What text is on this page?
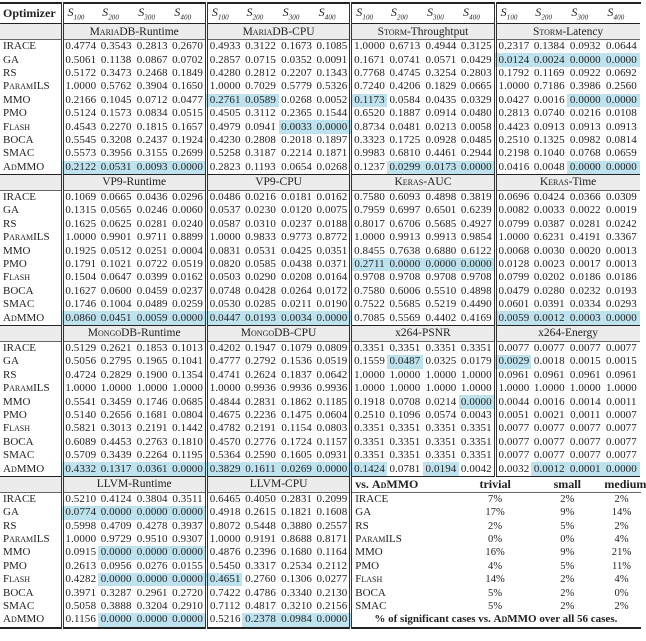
Optimizer	$S_{100}$	$S_{200}$	$S_{300}$	$S_{400}$	$S_{100}$	$S_{200}$	$S_{300}$	$S_{400}$	$S_{100}$	$S_{200}$	$S_{300}$	$S_{400}$	$S_{100}$	$S_{200}$	$S_{300}$	$S_{400}$
	MariaDB-Runtime				MariaDB-CPU				Storm-Throughtput				Storm-Latency				
IRACE	0.4774	0.3543	0.2813	0.2670	0.4933	0.3122	0.1673	0.1085	1.0000	0.6713	0.4944	0.3125	0.2317	0.1384	0.0932	0.0644	
GA	0.5061	0.1138	0.0867	0.0702	0.2857	0.0715	0.0352	0.0091	0.1671	0.0741	0.0571	0.0429	0.0124	0.0024	0.0000	0.0000	
RS	0.5172	0.3473	0.2468	0.1849	0.4280	0.2812	0.2207	0.1343	0.7768	0.4745	0.3254	0.2803	0.1792	0.1169	0.0922	0.0692	
ParamILS	1.0000	0.5762	0.3904	0.1650	1.0000	0.7029	0.5779	0.5326	0.7240	0.4206	0.1829	0.0665	1.0000	0.7186	0.3986	0.2560	
MMO	0.2166	0.1045	0.0712	0.0477	0.2761	0.0589	0.0268	0.0052	0.1173	0.0584	0.0435	0.0329	0.0427	0.0016	0.0000	0.0000	
PMO	0.5124	0.1573	0.0834	0.0515	0.4505	0.3112	0.2365	0.1544	0.6520	0.1887	0.0914	0.0480	0.2813	0.0740	0.0216	0.0108	
Flash	0.4543	0.2270	0.1815	0.1657	0.4979	0.0941	0.0033	0.0000	0.8734	0.0481	0.0213	0.0058	0.4423	0.0913	0.0913	0.0913	
BOCA	0.5545	0.3208	0.2437	0.1924	0.4230	0.2808	0.2018	0.1897	0.3323	0.1725	0.0928	0.0485	0.2510	0.1325	0.0982	0.0814	
SMAC	0.5573	0.3956	0.3155	0.2699	0.5258	0.3187	0.2214	0.1871	0.9983	0.6810	0.4461	0.2944	0.2198	0.1040	0.0768	0.0659	
AdMMO	0.2122	0.0531	0.0093	0.0000	0.2823	0.1193	0.0654	0.0268	0.1237	0.0299	0.0173	0.0000	0.0416	0.0048	0.0000	0.0000	
	VP9-Runtime				VP9-CPU				Keras-AUC				Keras-Time				
IRACE	0.1069	0.0665	0.0436	0.0296	0.0486	0.0216	0.0181	0.0162	0.7580	0.6093	0.4898	0.3819	0.0696	0.0424	0.0366	0.0309	
GA	0.1315	0.0565	0.0246	0.0060	0.0537	0.0230	0.0120	0.0075	0.7959	0.6997	0.6501	0.6239	0.0082	0.0033	0.0022	0.0019	
RS	0.1625	0.0625	0.0281	0.0240	0.0587	0.0310	0.0237	0.0188	0.8017	0.6706	0.5685	0.4927	0.0799	0.0387	0.0281	0.0242	
ParamILS	1.0000	0.9901	0.9711	0.8899	1.0000	0.9833	0.9773	0.8772	1.0000	0.9913	0.9913	0.9854	1.0000	0.6231	0.4191	0.3367	
MMO	0.1925	0.0512	0.0251	0.0004	0.0831	0.0531	0.0425	0.0351	0.8455	0.7638	0.6880	0.6122	0.0068	0.0030	0.0020	0.0013	
PMO	0.1791	0.1021	0.0722	0.0519	0.0820	0.0585	0.0438	0.0371	0.2711	0.0000	0.0000	0.0000	0.0128	0.0023	0.0017	0.0013	
Flash	0.1504	0.0647	0.0399	0.0162	0.0503	0.0290	0.0208	0.0164	0.9708	0.9708	0.9708	0.9708	0.0799	0.0202	0.0186	0.0186	
BOCA	0.1627	0.0600	0.0459	0.0237	0.0748	0.0428	0.0264	0.0172	0.7580	0.6006	0.5510	0.4898	0.0479	0.0280	0.0232	0.0193	
SMAC	0.1746	0.1004	0.0489	0.0259	0.0530	0.0285	0.0211	0.0190	0.7522	0.5685	0.5219	0.4490	0.0601	0.0391	0.0334	0.0293	
AdMMO	0.0860	0.0451	0.0059	0.0000	0.0447	0.0193	0.0034	0.0000	0.7085	0.5569	0.4402	0.4169	0.0059	0.0012	0.0003	0.0000	
	MongoDB-Runtime				MongoDB-CPU				x264-PSNR				x264-Energy				
IRACE	0.5129	0.2621	0.1853	0.1013	0.4202	0.1947	0.1079	0.0809	0.3351	0.3351	0.3351	0.3351	0.0077	0.0077	0.0077	0.0077	
GA	0.5056	0.2795	0.1965	0.1041	0.4777	0.2792	0.1536	0.0519	0.1559	0.0487	0.0325	0.0179	0.0029	0.0018	0.0015	0.0015	
RS	0.4724	0.2829	0.1900	0.1354	0.4741	0.2624	0.1837	0.0642	1.0000	1.0000	1.0000	1.0000	0.0961	0.0961	0.0961	0.0961	
ParamILS	1.0000	1.0000	1.0000	1.0000	1.0000	0.9936	0.9936	0.9936	1.0000	1.0000	1.0000	1.0000	1.0000	1.0000	1.0000	1.0000	
MMO	0.5541	0.3459	0.1746	0.0685	0.4844	0.2831	0.1862	0.1185	0.1918	0.0708	0.0214	0.0000	0.0044	0.0016	0.0014	0.0011	
PMO	0.5140	0.2656	0.1681	0.0804	0.4675	0.2236	0.1475	0.0604	0.2510	0.1096	0.0574	0.0043	0.0051	0.0021	0.0011	0.0007	
Flash	0.5821	0.3013	0.2191	0.1442	0.4782	0.2191	0.1154	0.0803	0.3351	0.3351	0.3351	0.3351	0.0077	0.0077	0.0077	0.0077	
BOCA	0.6089	0.4453	0.2763	0.1810	0.4570	0.2776	0.1724	0.1157	0.3351	0.3351	0.3351	0.3351	0.0077	0.0077	0.0077	0.0077	
SMAC	0.5709	0.3439	0.2264	0.1195	0.5364	0.2590	0.1605	0.0931	0.3351	0.3351	0.3351	0.3351	0.0077	0.0077	0.0077	0.0077	
AdMMO	0.4332	0.1317	0.0361	0.0000	0.3829	0.1611	0.0269	0.0000	0.1424	0.0781	0.0194	0.0042	0.0032	0.0012	0.0001	0.0000	
	LLVM-Runtime				LLVM-CPU				vs. AdMMO			trivial		small		medium	
IRACE	0.5210	0.4124	0.3804	0.3511	0.6465	0.4050	0.2831	0.2099	IRACE			7%		2%		2%	
GA	0.0774	0.0000	0.0000	0.0000	0.4918	0.2615	0.1821	0.1608	GA			17%		9%		14%	
RS	0.5998	0.4709	0.4278	0.3937	0.8072	0.5448	0.3880	0.2557	RS			2%		5%		2%	
ParamILS	1.0000	0.9729	0.9510	0.9307	1.0000	0.9191	0.8688	0.8171	ParamILS			0%		0%		4%	
MMO	0.0915	0.0000	0.0000	0.0000	0.4876	0.2396	0.1680	0.1164	MMO			16%		9%		21%	
PMO	0.2613	0.0956	0.0276	0.0155	0.5450	0.3317	0.2534	0.2112	PMO			4%		5%		11%	
Flash	0.4282	0.0000	0.0000	0.0000	0.4651	0.2760	0.1306	0.0277	Flash			14%		2%		4%	
BOCA	0.3971	0.3287	0.2961	0.2720	0.7422	0.4786	0.3340	0.2130	BOCA			5%		2%		0%	
SMAC	0.5058	0.3888	0.3204	0.2910	0.7112	0.4817	0.3210	0.2156	SMAC			5%		2%		2%	
AdMMO	0.1156	0.0000	0.0000	0.0000	0.5216	0.2378	0.0984	0.0000	% of significant cases vs. AdMMO over all 56 cases.								
